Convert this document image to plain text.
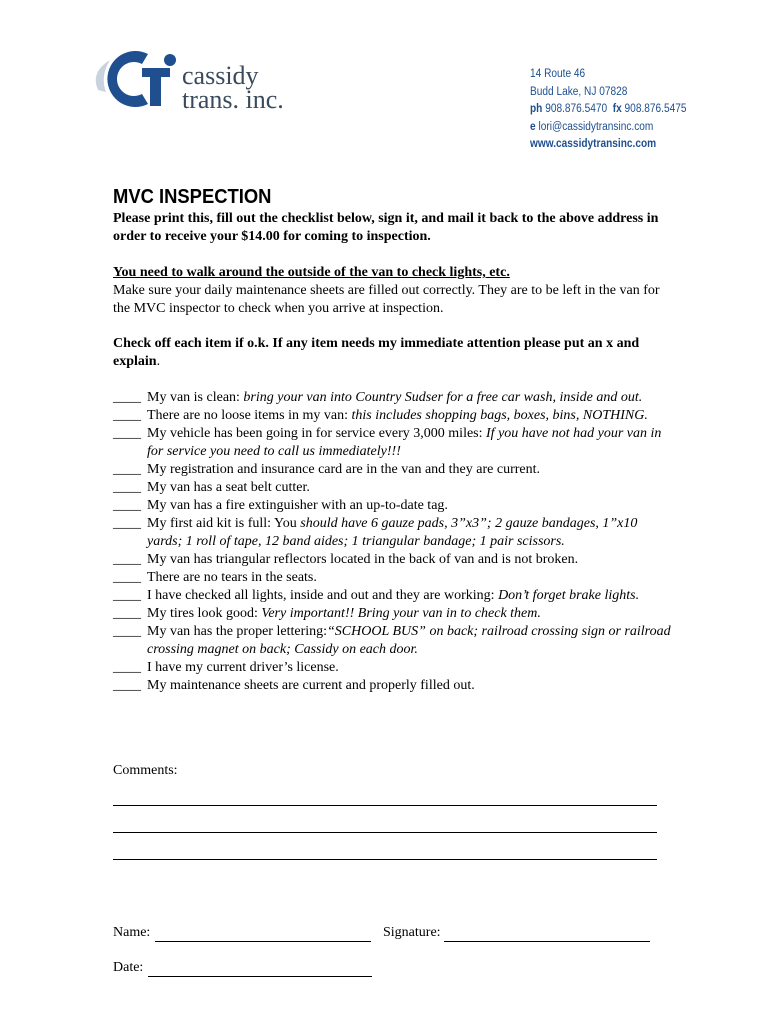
cassidy
trans. inc.
14 Route 46
Budd Lake, NJ 07828
ph 908.876.5470 fx 908.876.5475
e lori@cassidytransinc.com
www.cassidytransinc.com
MVC INSPECTION

Please print this, fill out the checklist below, sign it, and mail it back to the above address in order to receive your $14.00 for coming to inspection.

You need to walk around the outside of the van to check lights, etc.

Make sure your daily maintenance sheets are filled out correctly. They are to be left in the van for the MVC inspector to check when you arrive at inspection.

Check off each item if o.k. If any item needs my immediate attention please put an x and explain.

____
My van is clean: bring your van into Country Sudser for a free car wash, inside and out.
____
There are no loose items in my van: this includes shopping bags, boxes, bins, NOTHING.
____
My vehicle has been going in for service every 3,000 miles: If you have not had your van in for service you need to call us immediately!!!
____
My registration and insurance card are in the van and they are current.
____
My van has a seat belt cutter.
____
My van has a fire extinguisher with an up-to-date tag.
____
My first aid kit is full: You should have 6 gauze pads, 3”x3”; 2 gauze bandages, 1”x10 yards; 1 roll of tape, 12 band aides; 1 triangular bandage; 1 pair scissors.
____
My van has triangular reflectors located in the back of van and is not broken.
____
There are no tears in the seats.
____
I have checked all lights, inside and out and they are working: Don’t forget brake lights.
____
My tires look good: Very important!! Bring your van in to check them.
____
My van has the proper lettering:“SCHOOL BUS” on back; railroad crossing sign or railroad crossing magnet on back; Cassidy on each door.
____
I have my current driver’s license.
____
My maintenance sheets are current and properly filled out.
Comments:
Name:	Signature:
Date:
